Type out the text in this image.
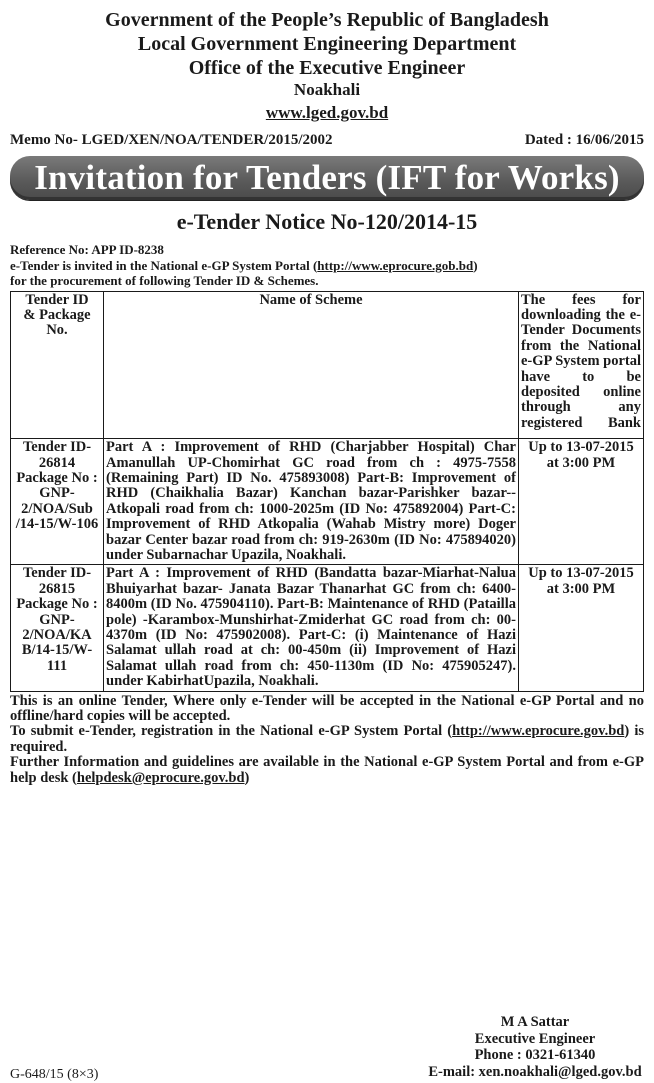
Government of the People’s Republic of Bangladesh
Local Government Engineering Department
Office of the Executive Engineer
Noakhali
www.lged.gov.bd
Memo No- LGED/XEN/NOA/TENDER/2015/2002	Dated : 16/06/2015
Invitation for Tenders (IFT for Works)
e-Tender Notice No-120/2014-15
Reference No: APP ID-8238
e-Tender is invited in the National e-GP System Portal (http://www.eprocure.gob.bd)
for the procurement of following Tender ID & Schemes.
Tender ID & Package No.	Name of Scheme	The fees for downloading the e-Tender Documents from the National e-GP System portal have to be deposited online through any registered Bank

Tender ID-26814 Package No : GNP-2/NOA/Sub /14-15/W-106	Part A : Improvement of RHD (Charjabber Hospital) Char Amanullah UP-Chomirhat GC road from ch : 4975-7558 (Remaining Part) ID No. 475893008) Part-B: Improvement of RHD (Chaikhalia Bazar) Kanchan bazar-Parishker bazar--Atkopali road from ch: 1000-2025m (ID No: 475892004) Part-C: Improvement of RHD Atkopalia (Wahab Mistry more) Doger bazar Center bazar road from ch: 919-2630m (ID No: 475894020) under Subarnachar Upazila, Noakhali.	Up to 13-07-2015 at 3:00 PM
Tender ID-26815 Package No : GNP-2/NOA/KA B/14-15/W-111	Part A : Improvement of RHD (Bandatta bazar-Miarhat-Nalua Bhuiyarhat bazar- Janata Bazar Thanarhat GC from ch: 6400-8400m (ID No. 475904110). Part-B: Maintenance of RHD (Patailla pole) -Karambox-Munshirhat-Zmiderhat GC road from ch: 00-4370m (ID No: 475902008). Part-C: (i) Maintenance of Hazi Salamat ullah road at ch: 00-450m (ii) Improvement of Hazi Salamat ullah road from ch: 450-1130m (ID No: 475905247). under KabirhatUpazila, Noakhali.	Up to 13-07-2015 at 3:00 PM

This is an online Tender, Where only e-Tender will be accepted in the National e-GP Portal and no offline/hard copies will be accepted.

To submit e-Tender, registration in the National e-GP System Portal (http://www.eprocure.gov.bd) is required.

Further Information and guidelines are available in the National e-GP System Portal and from e-GP help desk (helpdesk@eprocure.gov.bd)

M A Sattar
Executive Engineer
Phone : 0321-61340
E-mail: xen.noakhali@lged.gov.bd
G-648/15 (8×3)
